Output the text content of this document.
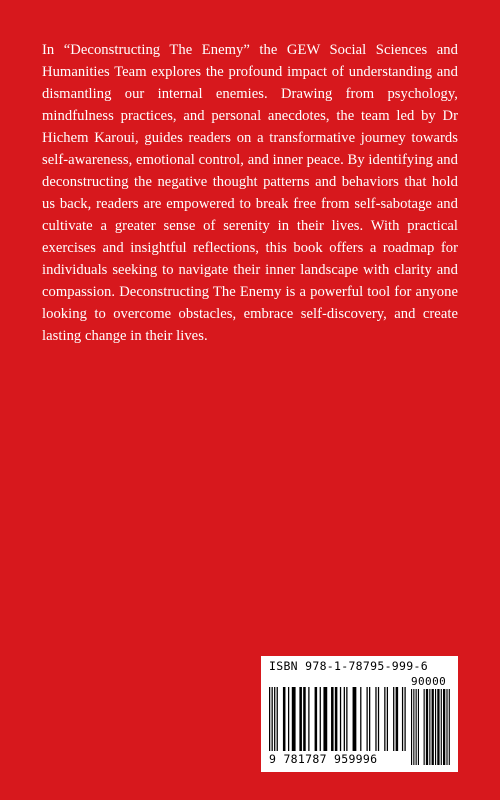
In “Deconstructing The Enemy” the GEW Social Sciences and Humanities Team explores the profound impact of understanding and dismantling our internal enemies. Drawing from psychology, mindfulness practices, and personal anecdotes, the team led by Dr Hichem Karoui, guides readers on a transformative journey towards self-awareness, emotional control, and inner peace. By identifying and deconstructing the negative thought patterns and behaviors that hold us back, readers are empowered to break free from self-sabotage and cultivate a greater sense of serenity in their lives. With practical exercises and insightful reflections, this book offers a roadmap for individuals seeking to navigate their inner landscape with clarity and compassion. Deconstructing The Enemy is a powerful tool for anyone looking to overcome obstacles, embrace self-discovery, and create lasting change in their lives.

ISBN 978-1-78795-999-6
90000
9 781787 959996
